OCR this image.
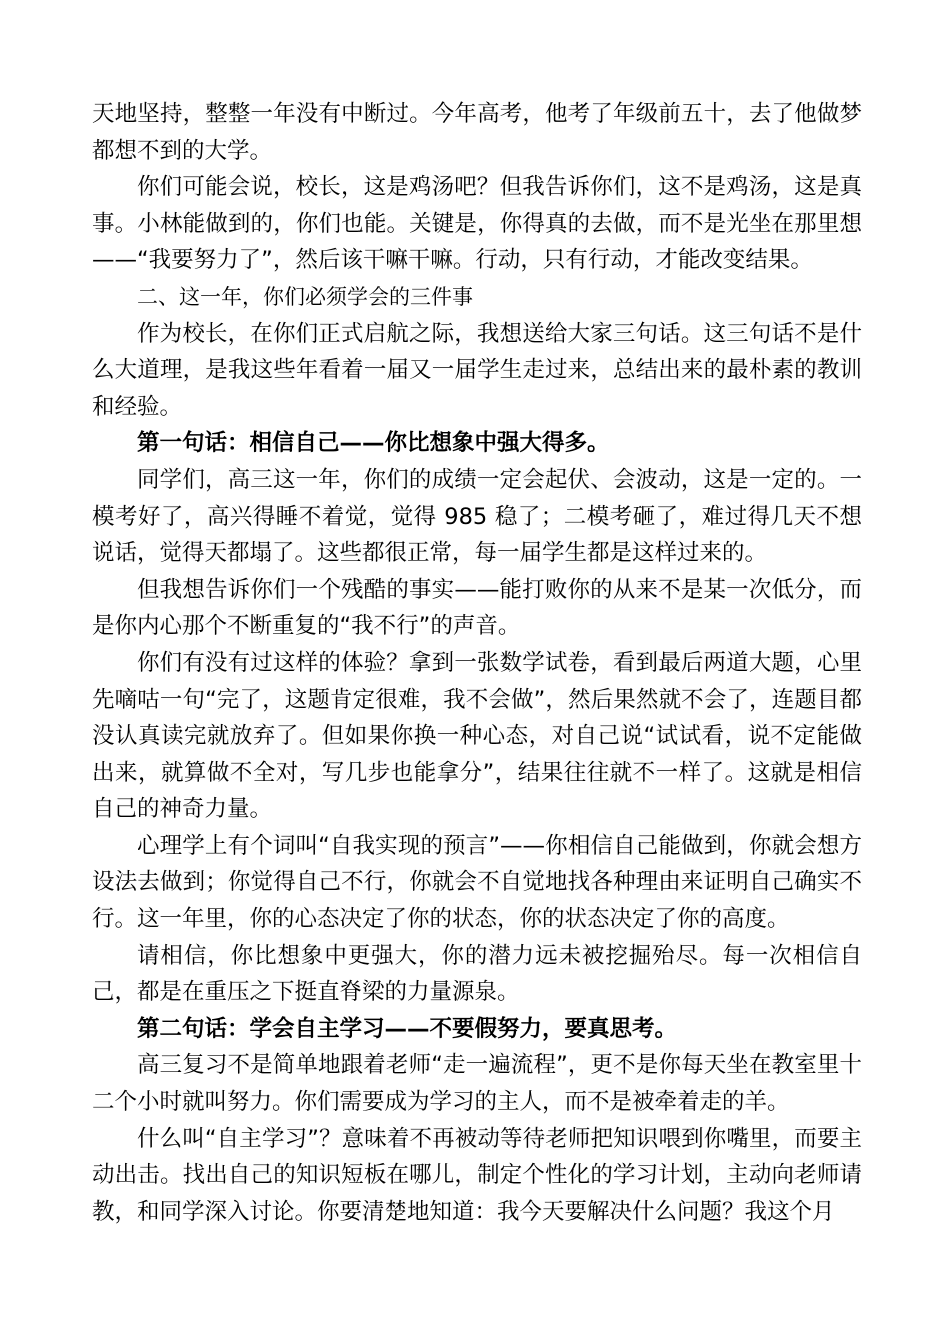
天地坚持，整整一年没有中断过。今年高考，他考了年级前五十，去了他做梦都想不到的大学。

你们可能会说，校长，这是鸡汤吧？但我告诉你们，这不是鸡汤，这是真事。小林能做到的，你们也能。关键是，你得真的去做，而不是光坐在那里想——“我要努力了”，然后该干嘛干嘛。行动，只有行动，才能改变结果。

二、这一年，你们必须学会的三件事

作为校长，在你们正式启航之际，我想送给大家三句话。这三句话不是什么大道理，是我这些年看着一届又一届学生走过来，总结出来的最朴素的教训和经验。

第一句话：相信自己——你比想象中强大得多。

同学们，高三这一年，你们的成绩一定会起伏、会波动，这是一定的。一模考好了，高兴得睡不着觉，觉得 985 稳了；二模考砸了，难过得几天不想说话，觉得天都塌了。这些都很正常，每一届学生都是这样过来的。

但我想告诉你们一个残酷的事实——能打败你的从来不是某一次低分，而是你内心那个不断重复的“我不行”的声音。

你们有没有过这样的体验？拿到一张数学试卷，看到最后两道大题，心里先嘀咕一句“完了，这题肯定很难，我不会做”，然后果然就不会了，连题目都没认真读完就放弃了。但如果你换一种心态，对自己说“试试看，说不定能做出来，就算做不全对，写几步也能拿分”，结果往往就不一样了。这就是相信自己的神奇力量。

心理学上有个词叫“自我实现的预言”——你相信自己能做到，你就会想方设法去做到；你觉得自己不行，你就会不自觉地找各种理由来证明自己确实不行。这一年里，你的心态决定了你的状态，你的状态决定了你的高度。

请相信，你比想象中更强大，你的潜力远未被挖掘殆尽。每一次相信自己，都是在重压之下挺直脊梁的力量源泉。

第二句话：学会自主学习——不要假努力，要真思考。

高三复习不是简单地跟着老师“走一遍流程”，更不是你每天坐在教室里十二个小时就叫努力。你们需要成为学习的主人，而不是被牵着走的羊。

什么叫“自主学习”？意味着不再被动等待老师把知识喂到你嘴里，而要主动出击。找出自己的知识短板在哪儿，制定个性化的学习计划，主动向老师请教，和同学深入讨论。你要清楚地知道：我今天要解决什么问题？我这个月
